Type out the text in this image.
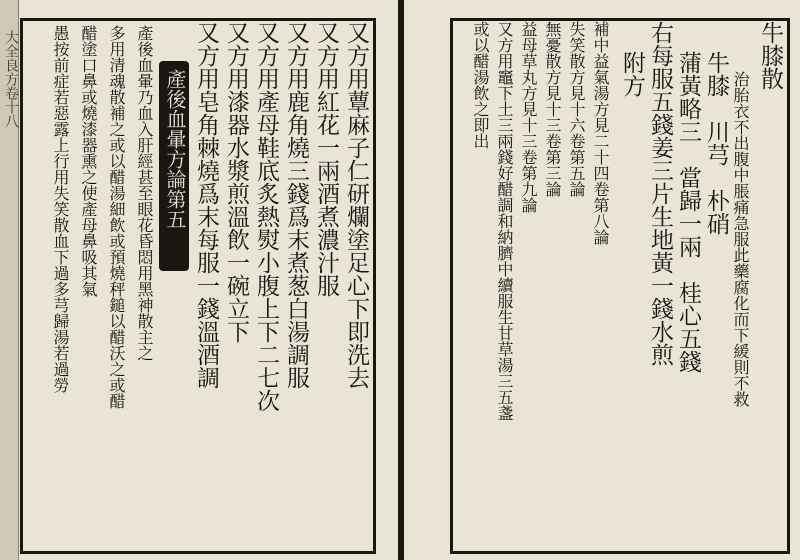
大全良方卷十八	產後血暈方論第五	又方用蕈麻子仁研爛塗足心下即洗去
又方用紅花一兩酒煮濃汁服
又方用鹿角燒三錢爲末煮葱白湯調服
又方用產母鞋底炙熱熨小腹上下二七次
又方用漆器水漿煎溫飲一碗立下
又方用皂角棘燒爲末每服一錢溫酒調
產後血暈乃血入肝經甚至眼花昏悶用黑神散主之
多用清魂散補之或以醋湯細飲或預燒秤鎚以醋沃之或醋
醋塗口鼻或燒漆器熏之使產母鼻吸其氣
愚按前症若惡露上行用失笑散血下過多芎歸湯若過勞	牛膝散
治胎衣不出腹中脹痛急服此藥腐化而下緩則不救
牛膝　川芎　朴硝
蒲黃略三　當歸一兩　桂心五錢
右每服五錢姜三片生地黃一錢水煎
附方
補中益氣湯方見二十四卷第八論
失笑散方見十六卷第五論
無憂散方見十三卷第三論
益母草丸方見十三卷第九論
又方用竈下土三兩錢好醋調和納臍中續服生甘草湯三五盞
或以醋湯飲之即出
